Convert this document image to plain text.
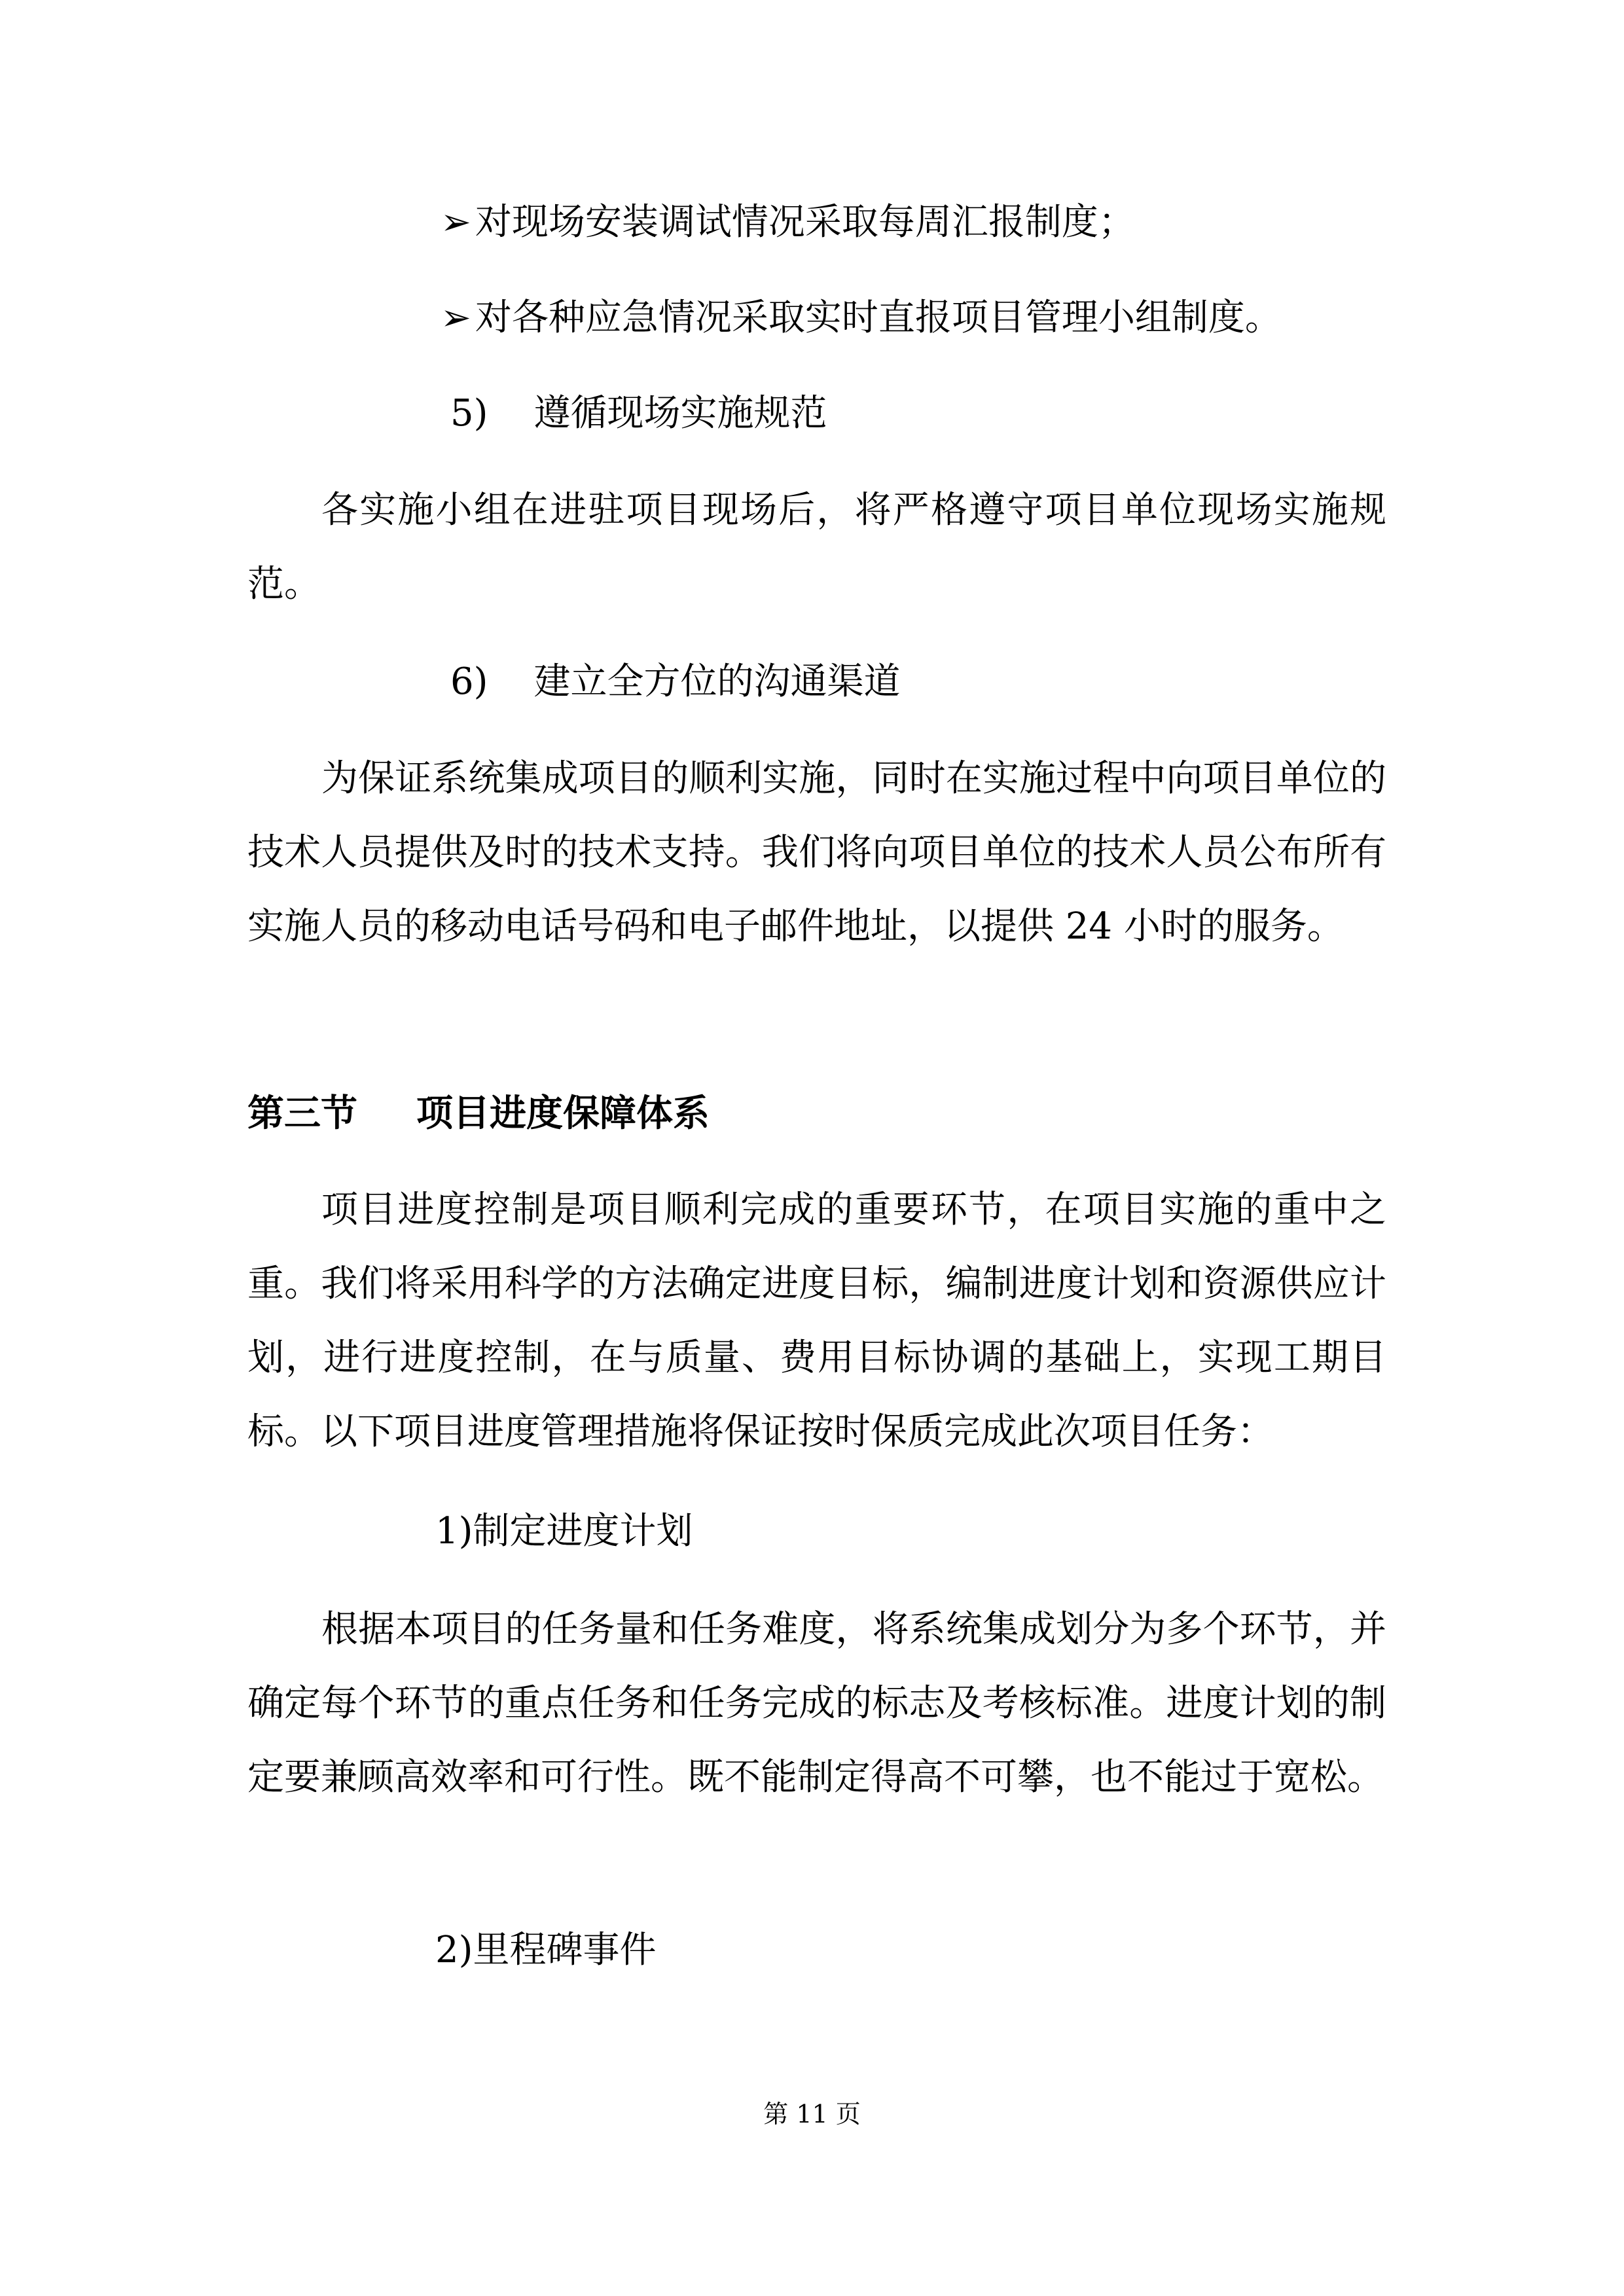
➢ 对现场安装调试情况采取每周汇报制度；
➢ 对各种应急情况采取实时直报项目管理小组制度。
5) 遵循现场实施规范
各实施小组在进驻项目现场后，将严格遵守项目单位现场实施规范。
6) 建立全方位的沟通渠道
为保证系统集成项目的顺利实施，同时在实施过程中向项目单位的技术人员提供及时的技术支持。我们将向项目单位的技术人员公布所有实施人员的移动电话号码和电子邮件地址，以提供 24 小时的服务。
第三节 项目进度保障体系
项目进度控制是项目顺利完成的重要环节，在项目实施的重中之重。我们将采用科学的方法确定进度目标，编制进度计划和资源供应计划，进行进度控制，在与质量、费用目标协调的基础上，实现工期目标。以下项目进度管理措施将保证按时保质完成此次项目任务：
1)制定进度计划
根据本项目的任务量和任务难度，将系统集成划分为多个环节，并确定每个环节的重点任务和任务完成的标志及考核标准。进度计划的制定要兼顾高效率和可行性。既不能制定得高不可攀，也不能过于宽松。
2)里程碑事件
第 11 页
